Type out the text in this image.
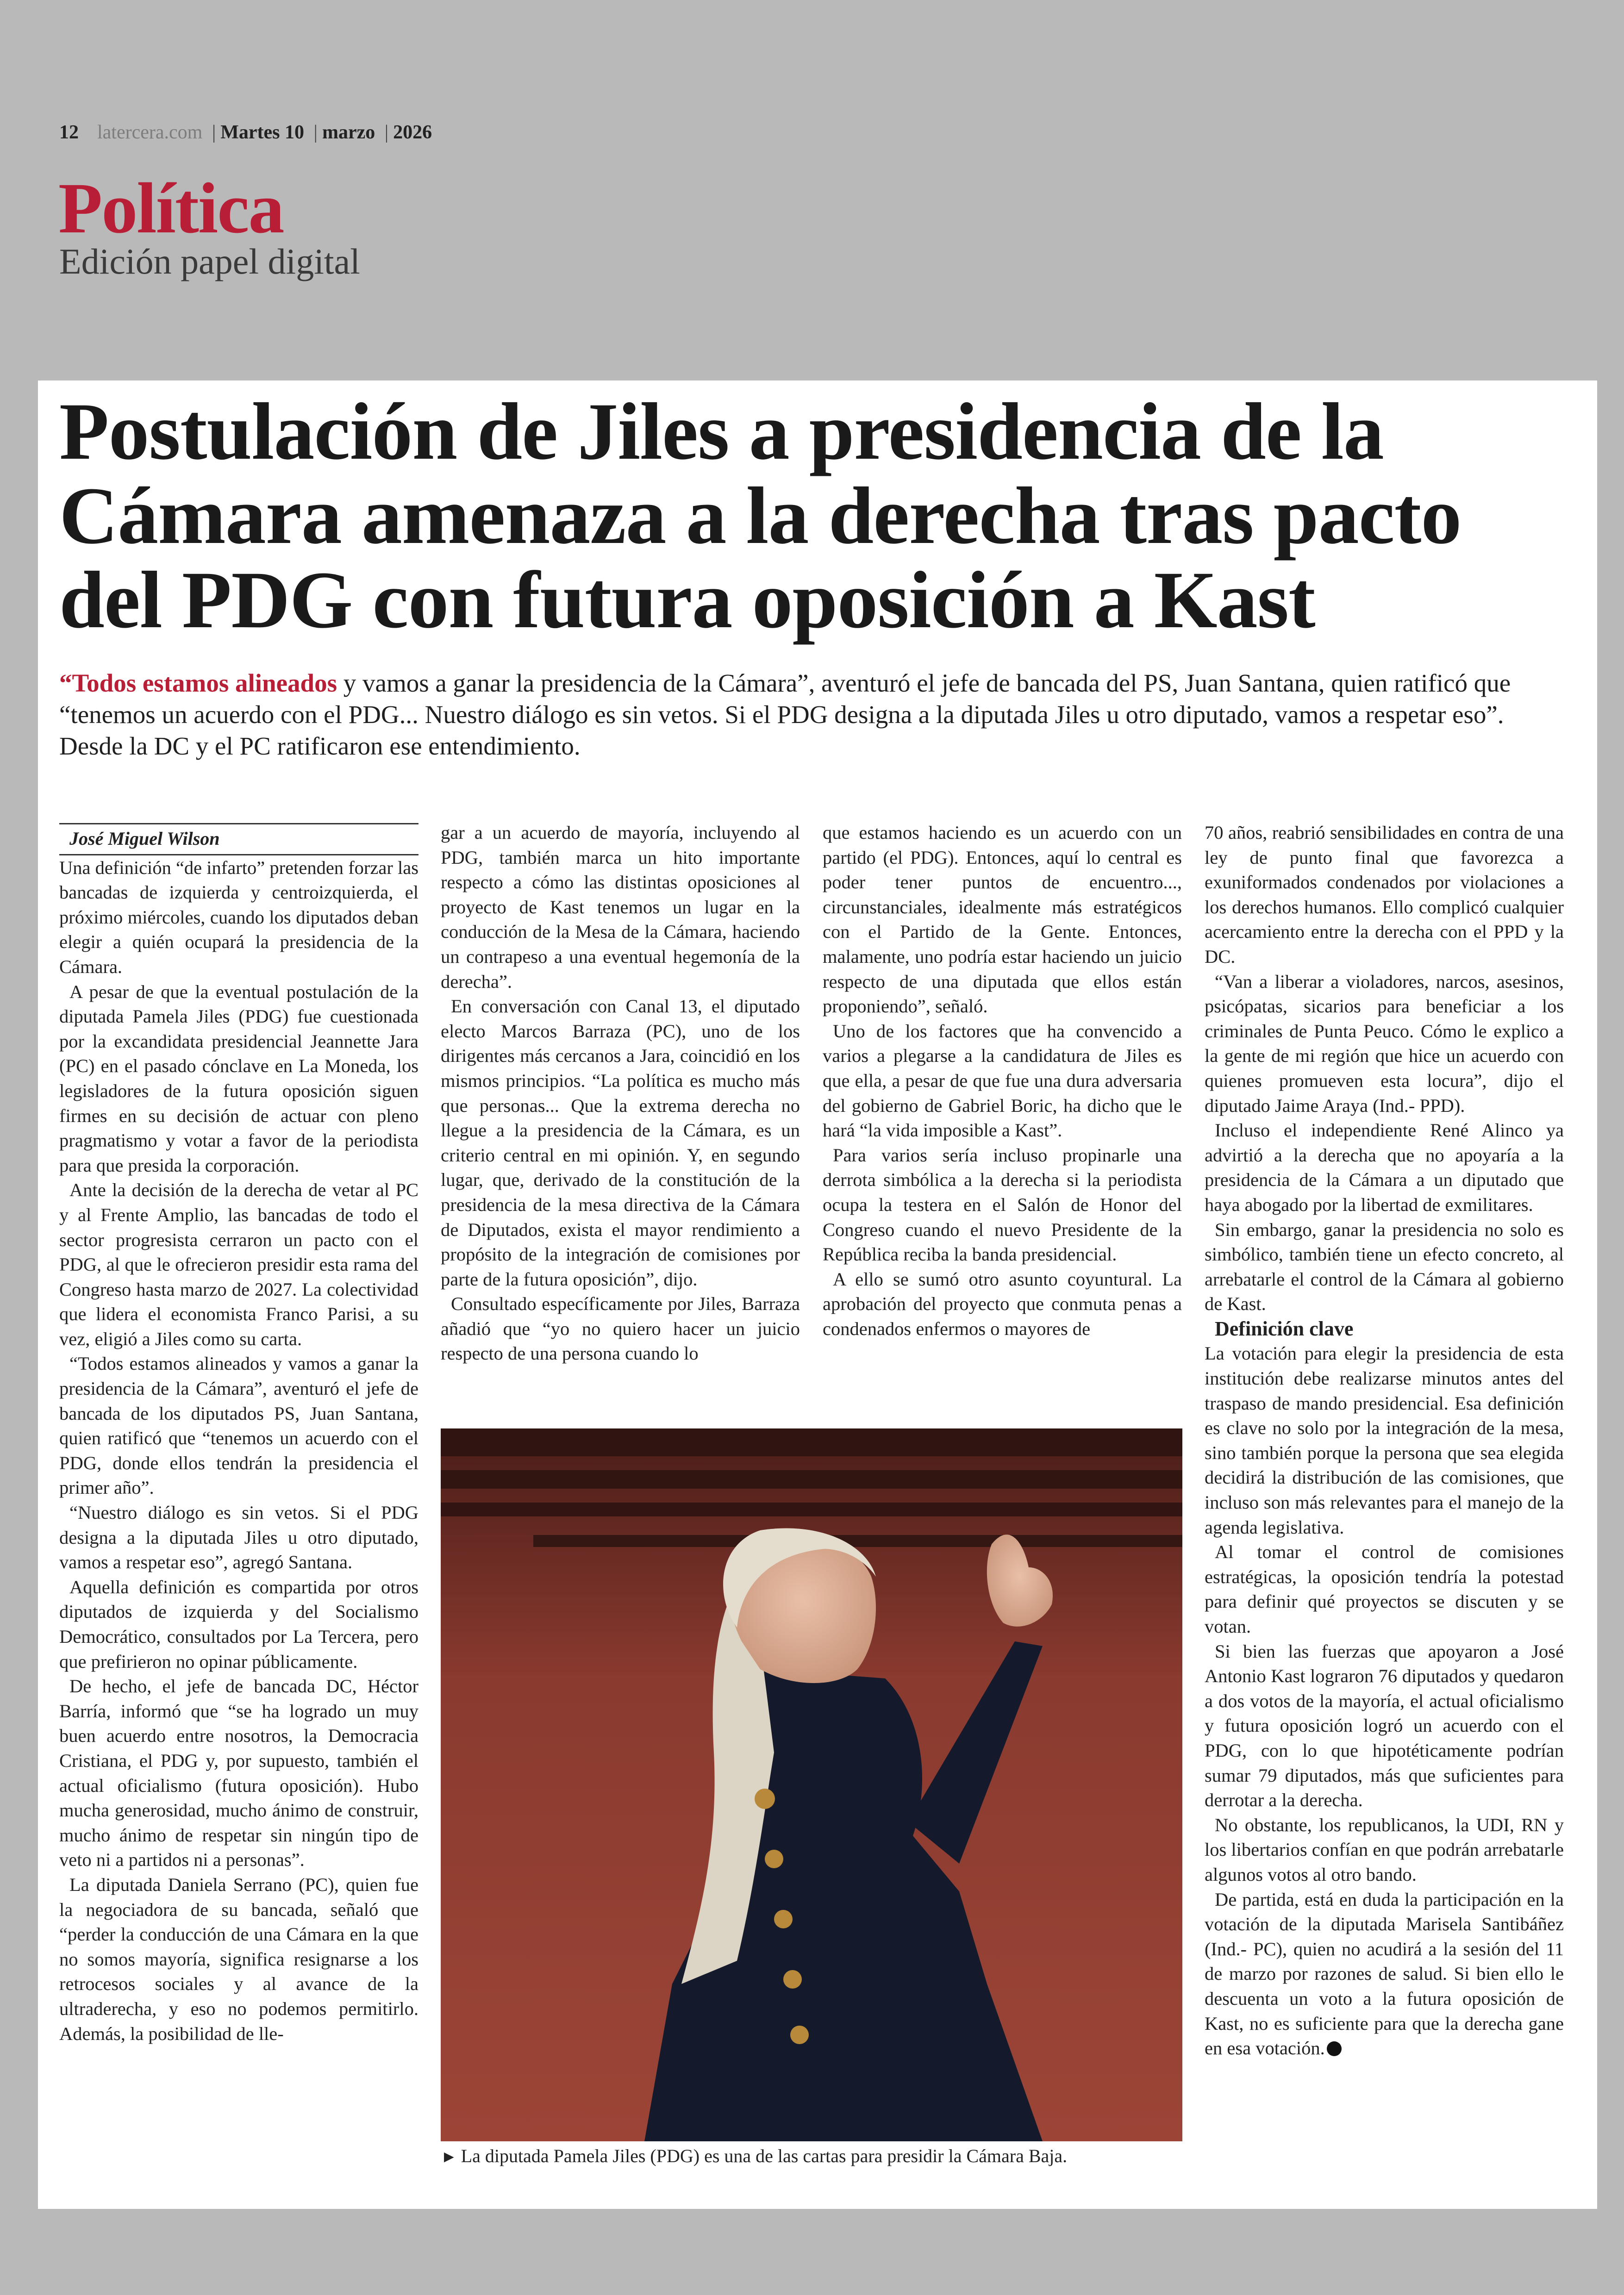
12 latercera.com | Martes 10 | marzo | 2026
Política
Edición papel digital
Postulación de Jiles a presidencia de la
Cámara amenaza a la derecha tras pacto
del PDG con futura oposición a Kast
“Todos estamos alineados y vamos a ganar la presidencia de la Cámara”, aventuró el jefe de bancada del PS, Juan Santana, quien ratificó que “tenemos un acuerdo con el PDG... Nuestro diálogo es sin vetos. Si el PDG designa a la diputada Jiles u otro diputado, vamos a respetar eso”. Desde la DC y el PC ratificaron ese entendimiento.

José Miguel Wilson

Una definición “de infarto” pretenden forzar las bancadas de izquierda y centroizquierda, el próximo miércoles, cuando los diputados deban elegir a quién ocupará la presidencia de la Cámara.

A pesar de que la eventual postulación de la diputada Pamela Jiles (PDG) fue cuestionada por la excandidata presidencial Jeannette Jara (PC) en el pasado cónclave en La Moneda, los legisladores de la futura oposición siguen firmes en su decisión de actuar con pleno pragmatismo y votar a favor de la periodista para que presida la corporación.

Ante la decisión de la derecha de vetar al PC y al Frente Amplio, las bancadas de todo el sector progresista cerraron un pacto con el PDG, al que le ofrecieron presidir esta rama del Congreso hasta marzo de 2027. La colectividad que lidera el economista Franco Parisi, a su vez, eligió a Jiles como su carta.

“Todos estamos alineados y vamos a ganar la presidencia de la Cámara”, aventuró el jefe de bancada de los diputados PS, Juan Santana, quien ratificó que “tenemos un acuerdo con el PDG, donde ellos tendrán la presidencia el primer año”.

“Nuestro diálogo es sin vetos. Si el PDG designa a la diputada Jiles u otro diputado, vamos a respetar eso”, agregó Santana.

Aquella definición es compartida por otros diputados de izquierda y del Socialismo Democrático, consultados por La Tercera, pero que prefirieron no opinar públicamente.

De hecho, el jefe de bancada DC, Héctor Barría, informó que “se ha logrado un muy buen acuerdo entre nosotros, la Democracia Cristiana, el PDG y, por supuesto, también el actual oficialismo (futura oposición). Hubo mucha generosidad, mucho ánimo de construir, mucho ánimo de respetar sin ningún tipo de veto ni a partidos ni a personas”.

La diputada Daniela Serrano (PC), quien fue la negociadora de su bancada, señaló que “perder la conducción de una Cámara en la que no somos mayoría, significa resignarse a los retrocesos sociales y al avance de la ultraderecha, y eso no podemos permitirlo. Además, la posibilidad de lle-

gar a un acuerdo de mayoría, incluyendo al PDG, también marca un hito importante respecto a cómo las distintas oposiciones al proyecto de Kast tenemos un lugar en la conducción de la Mesa de la Cámara, haciendo un contrapeso a una eventual hegemonía de la derecha”.

En conversación con Canal 13, el diputado electo Marcos Barraza (PC), uno de los dirigentes más cercanos a Jara, coincidió en los mismos principios. “La política es mucho más que personas... Que la extrema derecha no llegue a la presidencia de la Cámara, es un criterio central en mi opinión. Y, en segundo lugar, que, derivado de la constitución de la presidencia de la mesa directiva de la Cámara de Diputados, exista el mayor rendimiento a propósito de la integración de comisiones por parte de la futura oposición”, dijo.

Consultado específicamente por Jiles, Barraza añadió que “yo no quiero hacer un juicio respecto de una persona cuando lo

que estamos haciendo es un acuerdo con un partido (el PDG). Entonces, aquí lo central es poder tener puntos de encuentro..., circunstanciales, idealmente más estratégicos con el Partido de la Gente. Entonces, malamente, uno podría estar haciendo un juicio respecto de una diputada que ellos están proponiendo”, señaló.

Uno de los factores que ha convencido a varios a plegarse a la candidatura de Jiles es que ella, a pesar de que fue una dura adversaria del gobierno de Gabriel Boric, ha dicho que le hará “la vida imposible a Kast”.

Para varios sería incluso propinarle una derrota simbólica a la derecha si la periodista ocupa la testera en el Salón de Honor del Congreso cuando el nuevo Presidente de la República reciba la banda presidencial.

A ello se sumó otro asunto coyuntural. La aprobación del proyecto que conmuta penas a condenados enfermos o mayores de

70 años, reabrió sensibilidades en contra de una ley de punto final que favorezca a exuniformados condenados por violaciones a los derechos humanos. Ello complicó cualquier acercamiento entre la derecha con el PPD y la DC.

“Van a liberar a violadores, narcos, asesinos, psicópatas, sicarios para beneficiar a los criminales de Punta Peuco. Cómo le explico a la gente de mi región que hice un acuerdo con quienes promueven esta locura”, dijo el diputado Jaime Araya (Ind.- PPD).

Incluso el independiente René Alinco ya advirtió a la derecha que no apoyaría a la presidencia de la Cámara a un diputado que haya abogado por la libertad de exmilitares.

Sin embargo, ganar la presidencia no solo es simbólico, también tiene un efecto concreto, al arrebatarle el control de la Cámara al gobierno de Kast.

Definición clave

La votación para elegir la presidencia de esta institución debe realizarse minutos antes del traspaso de mando presidencial. Esa definición es clave no solo por la integración de la mesa, sino también porque la persona que sea elegida decidirá la distribución de las comisiones, que incluso son más relevantes para el manejo de la agenda legislativa.

Al tomar el control de comisiones estratégicas, la oposición tendría la potestad para definir qué proyectos se discuten y se votan.

Si bien las fuerzas que apoyaron a José Antonio Kast lograron 76 diputados y quedaron a dos votos de la mayoría, el actual oficialismo y futura oposición logró un acuerdo con el PDG, con lo que hipotéticamente podrían sumar 79 diputados, más que suficientes para derrotar a la derecha.

No obstante, los republicanos, la UDI, RN y los libertarios confían en que podrán arrebatarle algunos votos al otro bando.

De partida, está en duda la participación en la votación de la diputada Marisela Santibáñez (Ind.- PC), quien no acudirá a la sesión del 11 de marzo por razones de salud. Si bien ello le descuenta un voto a la futura oposición de Kast, no es suficiente para que la derecha gane en esa votación.

► La diputada Pamela Jiles (PDG) es una de las cartas para presidir la Cámara Baja.
